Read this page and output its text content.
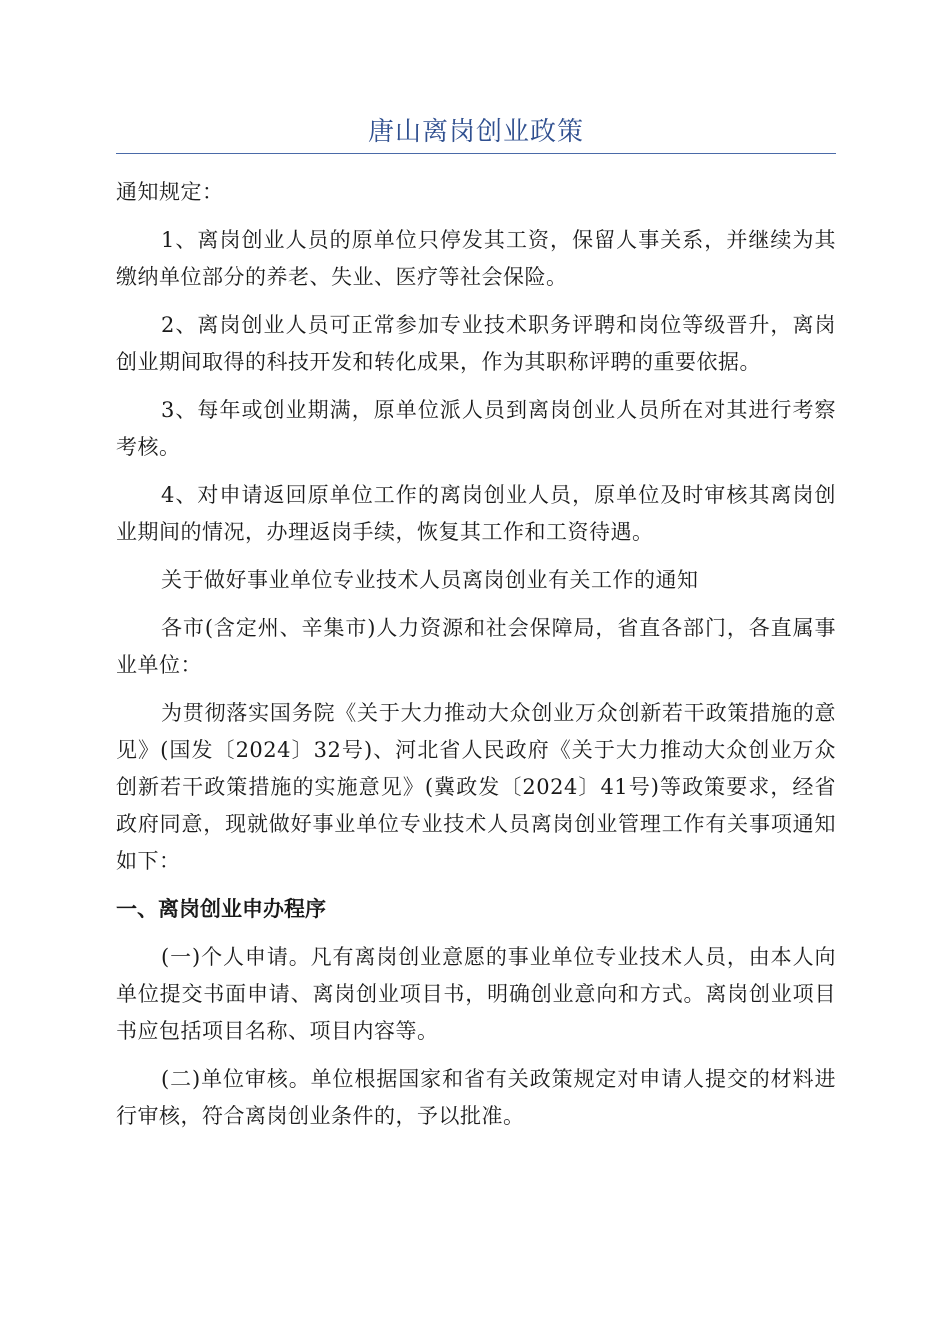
唐山离岗创业政策

通知规定：

1、离岗创业人员的原单位只停发其工资，保留人事关系，并继续为其缴纳单位部分的养老、失业、医疗等社会保险。

2、离岗创业人员可正常参加专业技术职务评聘和岗位等级晋升，离岗创业期间取得的科技开发和转化成果，作为其职称评聘的重要依据。

3、每年或创业期满，原单位派人员到离岗创业人员所在对其进行考察考核。

4、对申请返回原单位工作的离岗创业人员，原单位及时审核其离岗创业期间的情况，办理返岗手续，恢复其工作和工资待遇。

关于做好事业单位专业技术人员离岗创业有关工作的通知

各市(含定州、辛集市)人力资源和社会保障局，省直各部门，各直属事业单位：

为贯彻落实国务院《关于大力推动大众创业万众创新若干政策措施的意见》(国发〔2024〕32号)、河北省人民政府《关于大力推动大众创业万众创新若干政策措施的实施意见》(冀政发〔2024〕41号)等政策要求，经省政府同意，现就做好事业单位专业技术人员离岗创业管理工作有关事项通知如下：

一、离岗创业申办程序

(一)个人申请。凡有离岗创业意愿的事业单位专业技术人员，由本人向单位提交书面申请、离岗创业项目书，明确创业意向和方式。离岗创业项目书应包括项目名称、项目内容等。

(二)单位审核。单位根据国家和省有关政策规定对申请人提交的材料进行审核，符合离岗创业条件的，予以批准。
